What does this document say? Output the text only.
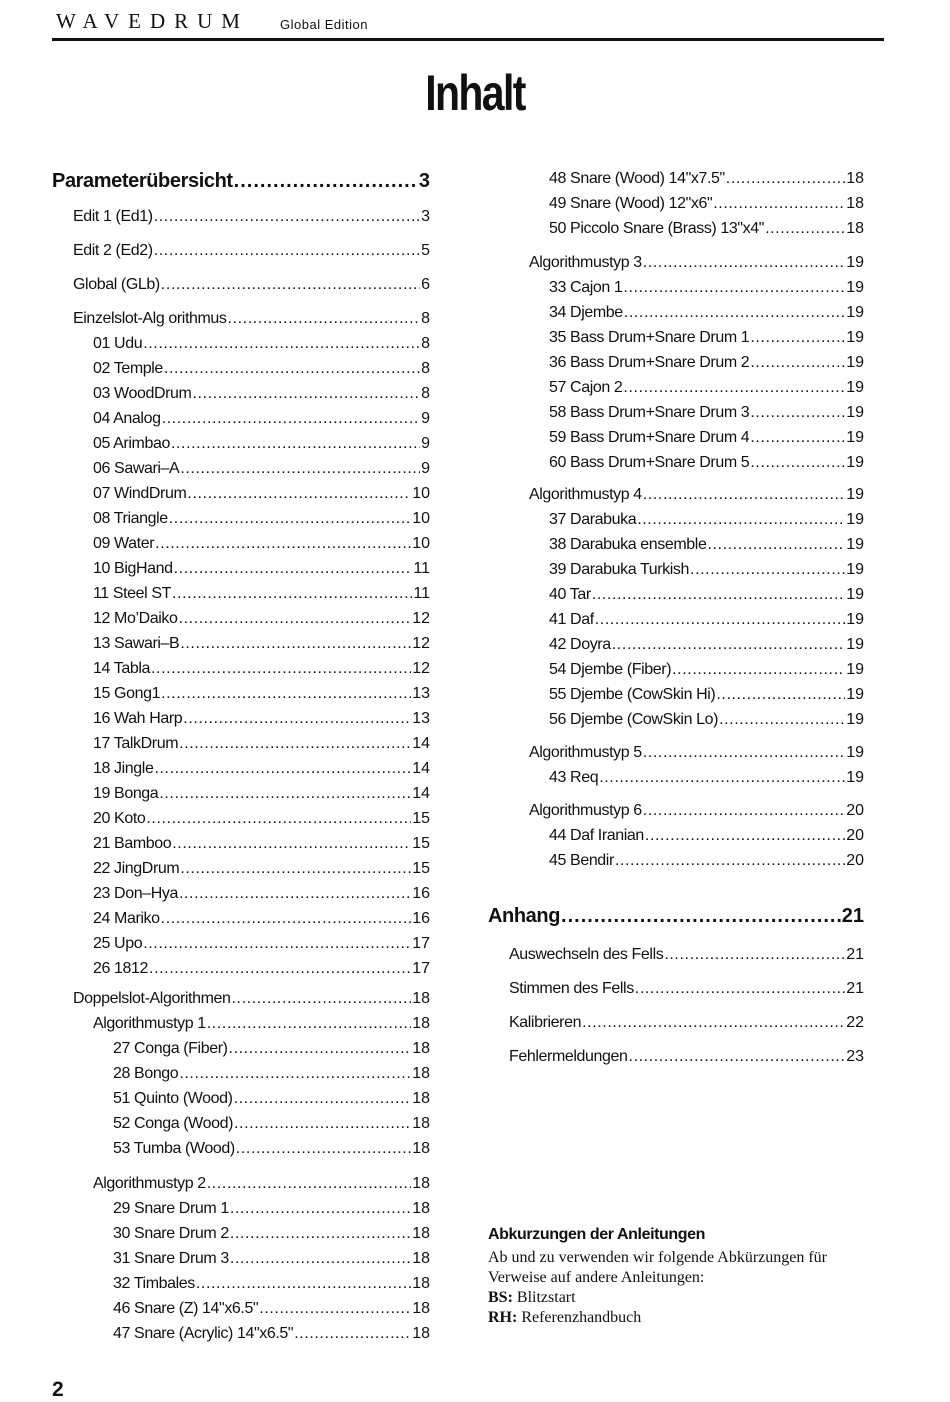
WAVEDRUM Global Edition
Inhalt
Parameterübersicht .....	3
Edit 1 (Ed1) .....	3
Edit 2 (Ed2) .....	5
Global (GLb) .....	6
Einzelslot-Alg orithmus .....	8
01 Udu .....	8
02 Temple .....	8
03 WoodDrum .....	8
04 Analog .....	9
05 Arimbao .....	9
06 Sawari–A .....	9
07 WindDrum .....	10
08 Triangle .....	10
09 Water .....	10
10 BigHand .....	11
11 Steel ST .....	11
12 Mo’Daiko .....	12
13 Sawari–B .....	12
14 Tabla .....	12
15 Gong1 .....	13
16 Wah Harp .....	13
17 TalkDrum .....	14
18 Jingle .....	14
19 Bonga .....	14
20 Koto .....	15
21 Bamboo .....	15
22 JingDrum .....	15
23 Don–Hya .....	16
24 Mariko .....	16
25 Upo .....	17
26 1812 .....	17
Doppelslot-Algorithmen .....	18
Algorithmustyp 1 .....	18
27 Conga (Fiber) .....	18
28 Bongo .....	18
51 Quinto (Wood) .....	18
52 Conga (Wood) .....	18
53 Tumba (Wood) .....	18
Algorithmustyp 2 .....	18
29 Snare Drum 1 .....	18
30 Snare Drum 2 .....	18
31 Snare Drum 3 .....	18
32 Timbales .....	18
46 Snare (Z) 14"x6.5" .....	18
47 Snare (Acrylic) 14"x6.5" .....	18
48 Snare (Wood) 14"x7.5" .....	18
49 Snare (Wood) 12"x6" .....	18
50 Piccolo Snare (Brass) 13"x4" .....	18
Algorithmustyp 3 .....	19
33 Cajon 1 .....	19
34 Djembe .....	19
35 Bass Drum+Snare Drum 1 .....	19
36 Bass Drum+Snare Drum 2 .....	19
57 Cajon 2 .....	19
58 Bass Drum+Snare Drum 3 .....	19
59 Bass Drum+Snare Drum 4 .....	19
60 Bass Drum+Snare Drum 5 .....	19
Algorithmustyp 4 .....	19
37 Darabuka .....	19
38 Darabuka ensemble .....	19
39 Darabuka Turkish .....	19
40 Tar .....	19
41 Daf .....	19
42 Doyra .....	19
54 Djembe (Fiber) .....	19
55 Djembe (CowSkin Hi) .....	19
56 Djembe (CowSkin Lo) .....	19
Algorithmustyp 5 .....	19
43 Req .....	19
Algorithmustyp 6 .....	20
44 Daf Iranian .....	20
45 Bendir .....	20
Anhang .....	21
Auswechseln des Fells .....	21
Stimmen des Fells .....	21
Kalibrieren .....	22
Fehlermeldungen .....	23
Abkurzungen der Anleitungen
Ab und zu verwenden wir folgende Abkürzungen für
Verweise auf andere Anleitungen:
BS: Blitzstart
RH: Referenzhandbuch
2
